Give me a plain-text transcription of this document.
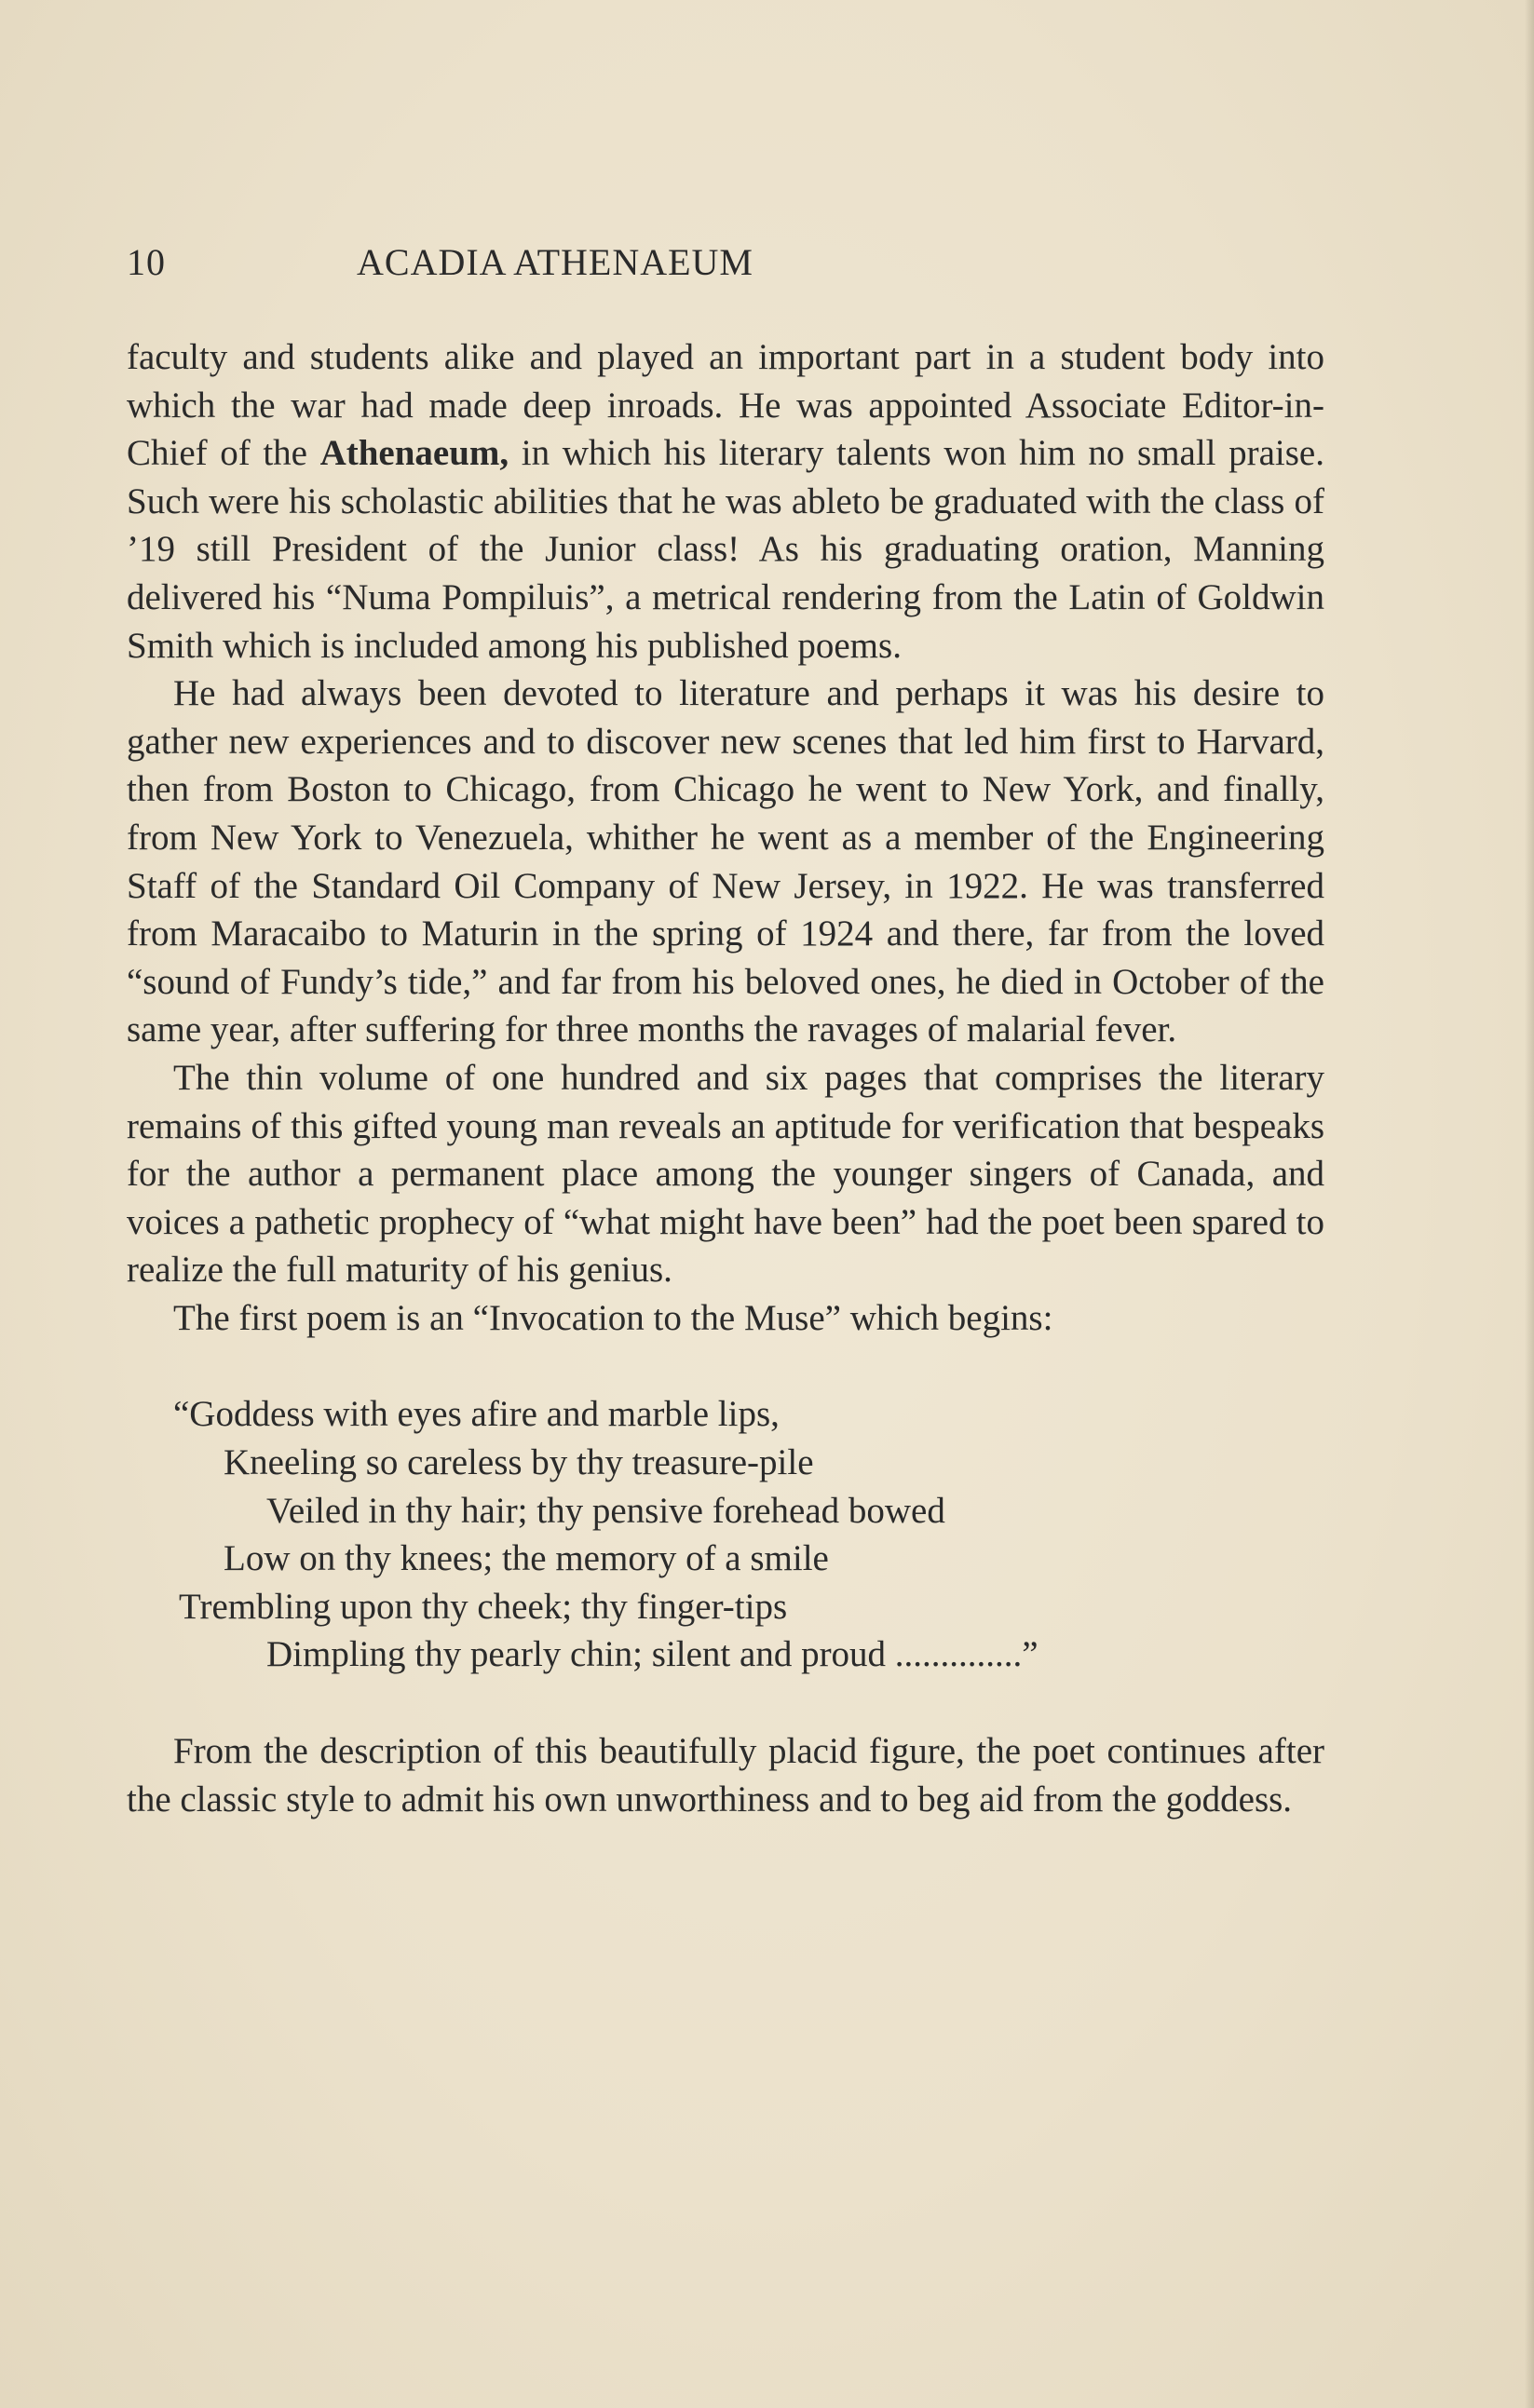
10	ACADIA ATHENAEUM

faculty and students alike and played an important part in a student body into which the war had made deep inroads. He was appointed Associate Editor-in-Chief of the Athenaeum, in which his literary talents won him no small praise. Such were his scholastic abilities that he was ableto be graduated with the class of ’19 still President of the Junior class! As his graduating oration, Manning delivered his “Numa Pompiluis”, a metrical rendering from the Latin of Goldwin Smith which is included among his published poems.

He had always been devoted to literature and perhaps it was his desire to gather new experiences and to discover new scenes that led him first to Harvard, then from Boston to Chicago, from Chicago he went to New York, and finally, from New York to Venezuela, whither he went as a member of the Engineering Staff of the Standard Oil Company of New Jersey, in 1922. He was transferred from Maracaibo to Maturin in the spring of 1924 and there, far from the loved “sound of Fundy’s tide,” and far from his beloved ones, he died in October of the same year, after suffering for three months the ravages of malarial fever.

The thin volume of one hundred and six pages that comprises the literary remains of this gifted young man reveals an aptitude for verification that bespeaks for the author a permanent place among the younger singers of Canada, and voices a pathetic prophecy of “what might have been” had the poet been spared to realize the full maturity of his genius.

The first poem is an “Invocation to the Muse” which begins:

“Goddess with eyes afire and marble lips,
Kneeling so careless by thy treasure-pile
Veiled in thy hair; thy pensive forehead bowed
Low on thy knees; the memory of a smile
Trembling upon thy cheek; thy finger-tips
Dimpling thy pearly chin; silent and proud ..............”

From the description of this beautifully placid figure, the poet continues after the classic style to admit his own unworthiness and to beg aid from the goddess.
